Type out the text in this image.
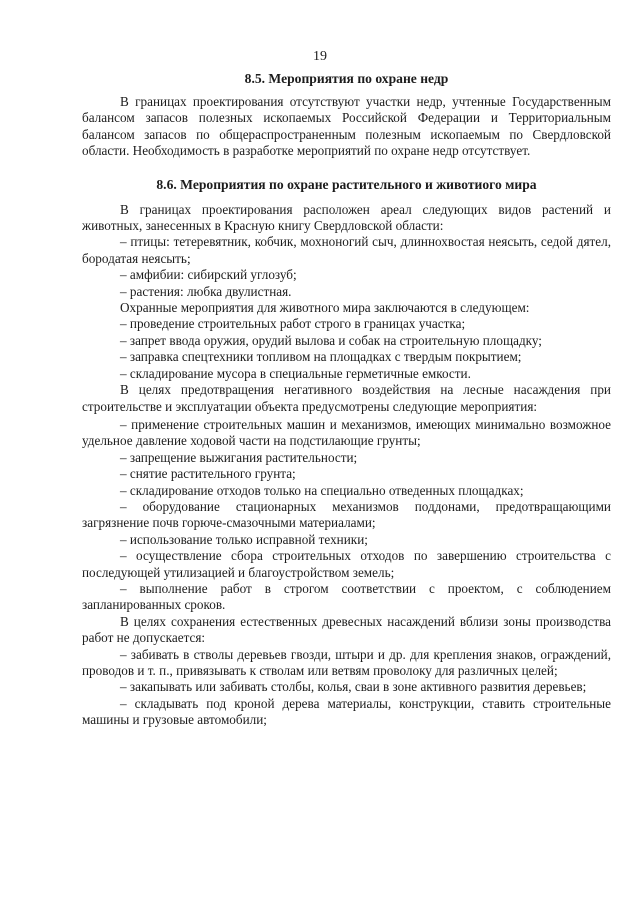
19
8.5. Мероприятия по охране недр

В границах проектирования отсутствуют участки недр, учтенные Государственным балансом запасов полезных ископаемых Российской Федерации и Территориальным балансом запасов по общераспространенным полезным ископаемым по Свердловской области. Необходимость в разработке мероприятий по охране недр отсутствует.

8.6. Мероприятия по охране растительного и животиого мира

В границах проектирования расположен ареал следующих видов растений и животных, занесенных в Красную книгу Свердловской области:

– птицы: тетеревятник, кобчик, мохноногий сыч, длиннохвостая неясыть, седой дятел, бородатая неясыть;

– амфибии: сибирский углозуб;

– растения: любка двулистная.

Охранные мероприятия для животного мира заключаются в следующем:

– проведение строительных работ строго в границах участка;

– запрет ввода оружия, орудий вылова и собак на строительную площадку;

– заправка спецтехники топливом на площадках с твердым покрытием;

– складирование мусора в специальные герметичные емкости.

В целях предотвращения негативного воздействия на лесные насаждения при строительстве и эксплуатации объекта предусмотрены следующие мероприятия:

– применение строительных машин и механизмов, имеющих минимально возможное удельное давление ходовой части на подстилающие грунты;

– запрещение выжигания растительности;

– снятие растительного грунта;

– складирование отходов только на специально отведенных площадках;

– оборудование стационарных механизмов поддонами, предотвращающими загрязнение почв горюче-смазочными материалами;

– использование только исправной техники;

– осуществление сбора строительных отходов по завершению строительства с последующей утилизацией и благоустройством земель;

– выполнение работ в строгом соответствии с проектом, с соблюдением запланированных сроков.

В целях сохранения естественных древесных насаждений вблизи зоны производства работ не допускается:

– забивать в стволы деревьев гвозди, штыри и др. для крепления знаков, ограждений, проводов и т. п., привязывать к стволам или ветвям проволоку для различных целей;

– закапывать или забивать столбы, колья, сваи в зоне активного развития деревьев;

– складывать под кроной дерева материалы, конструкции, ставить строительные машины и грузовые автомобили;
